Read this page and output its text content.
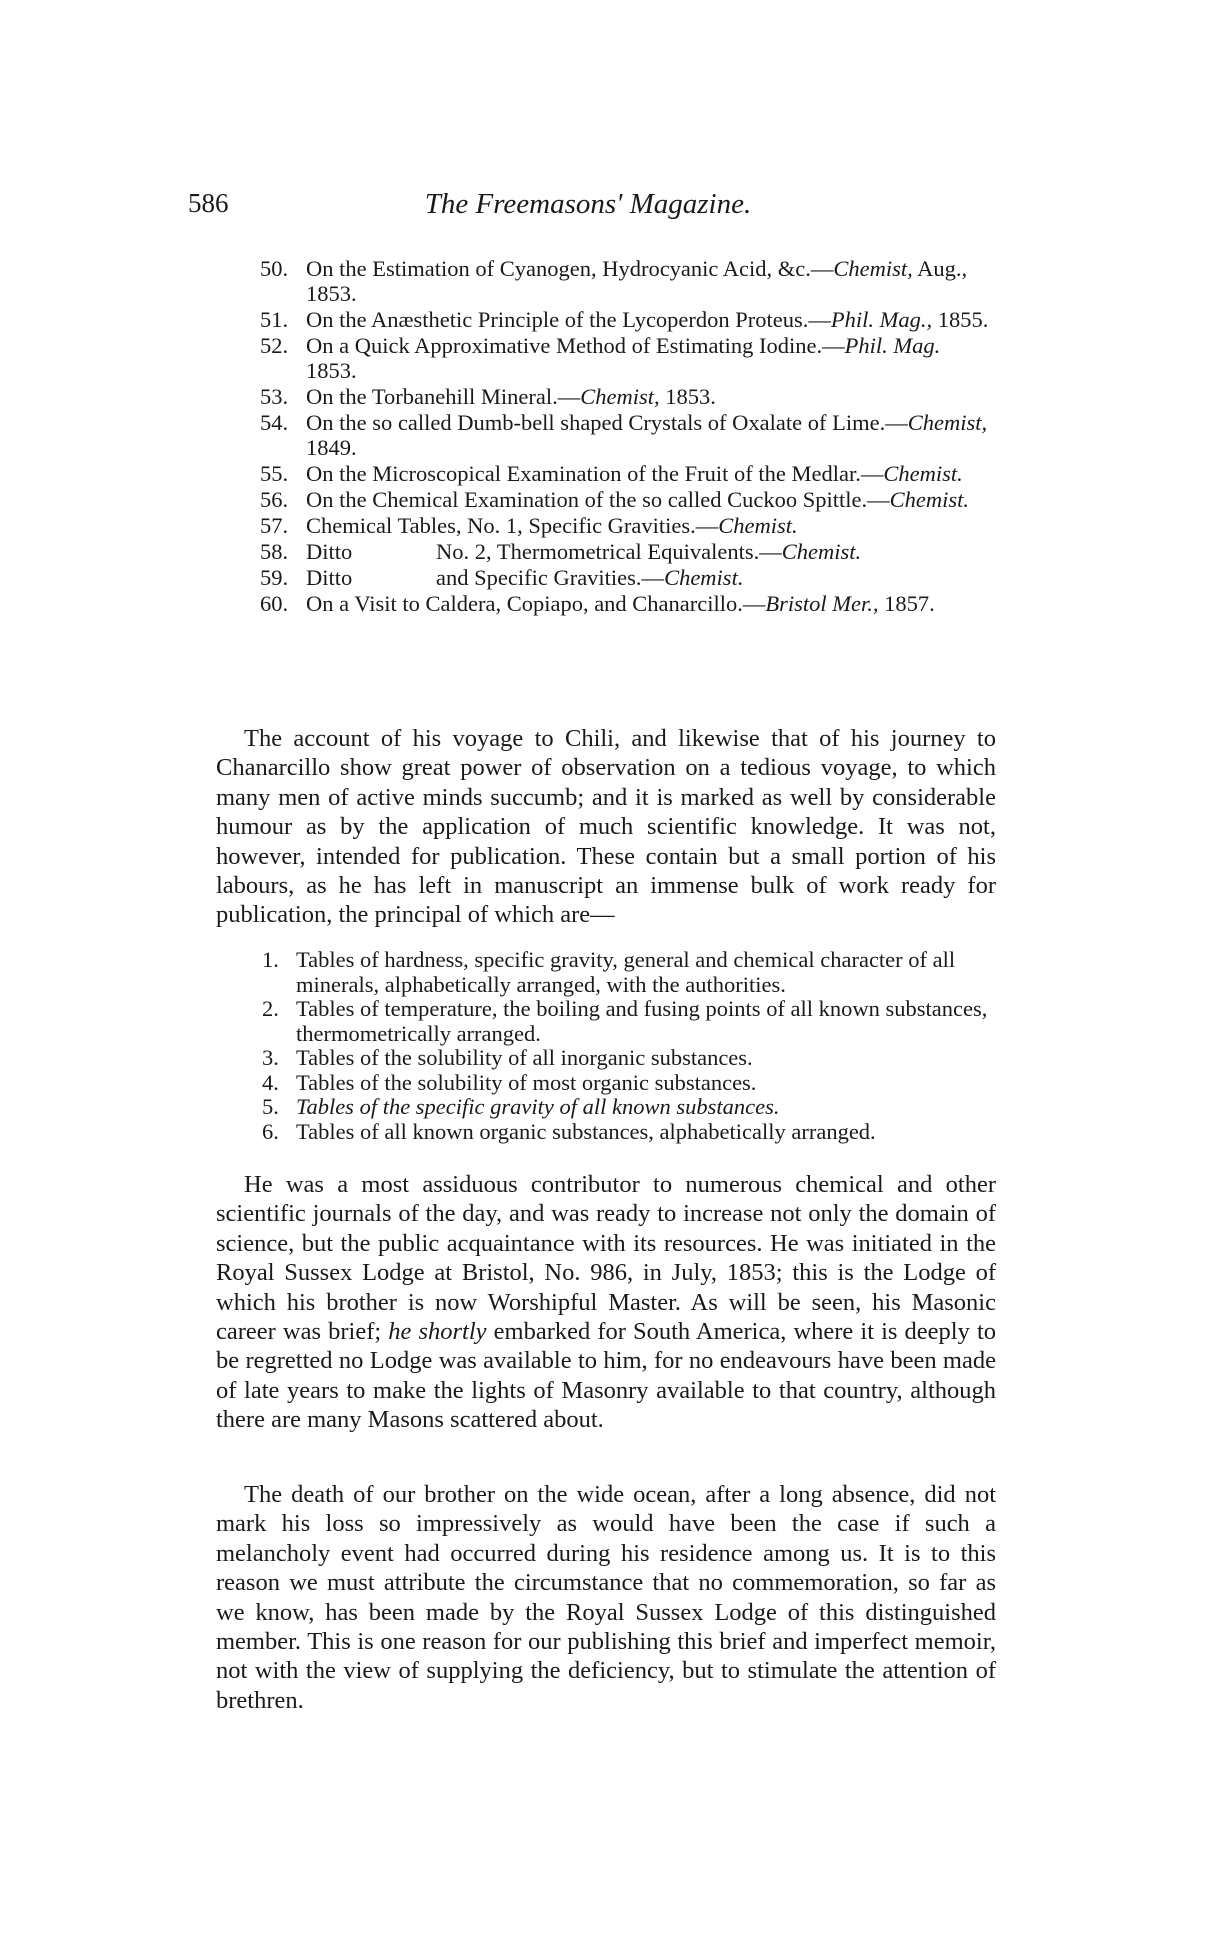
586	The Freemasons' Magazine.
50. On the Estimation of Cyanogen, Hydrocyanic Acid, &c.—Chemist, Aug., 1853.
51. On the Anæsthetic Principle of the Lycoperdon Proteus.—Phil. Mag., 1855.
52. On a Quick Approximative Method of Estimating Iodine.—Phil. Mag. 1853.
53. On the Torbanehill Mineral.—Chemist, 1853.
54. On the so called Dumb-bell shaped Crystals of Oxalate of Lime.—Chemist, 1849.
55. On the Microscopical Examination of the Fruit of the Medlar.—Chemist.
56. On the Chemical Examination of the so called Cuckoo Spittle.—Chemist.
57. Chemical Tables, No. 1, Specific Gravities.—Chemist.
58. Ditto	No. 2, Thermometrical Equivalents.—Chemist.
59. Ditto	and Specific Gravities.—Chemist.
60. On a Visit to Caldera, Copiapo, and Chanarcillo.—Bristol Mer., 1857.

The account of his voyage to Chili, and likewise that of his journey to Chanarcillo show great power of observation on a tedious voyage, to which many men of active minds succumb; and it is marked as well by considerable humour as by the application of much scientific knowledge. It was not, however, intended for publication. These contain but a small portion of his labours, as he has left in manuscript an immense bulk of work ready for publication, the principal of which are—

1. Tables of hardness, specific gravity, general and chemical character of all minerals, alphabetically arranged, with the authorities.
2. Tables of temperature, the boiling and fusing points of all known substances, thermometrically arranged.
3. Tables of the solubility of all inorganic substances.
4. Tables of the solubility of most organic substances.
5. Tables of the specific gravity of all known substances.
6. Tables of all known organic substances, alphabetically arranged.

He was a most assiduous contributor to numerous chemical and other scientific journals of the day, and was ready to increase not only the domain of science, but the public acquaintance with its resources. He was initiated in the Royal Sussex Lodge at Bristol, No. 986, in July, 1853; this is the Lodge of which his brother is now Worshipful Master. As will be seen, his Masonic career was brief; he shortly embarked for South America, where it is deeply to be regretted no Lodge was available to him, for no endeavours have been made of late years to make the lights of Masonry available to that country, although there are many Masons scattered about.

The death of our brother on the wide ocean, after a long absence, did not mark his loss so impressively as would have been the case if such a melancholy event had occurred during his residence among us. It is to this reason we must attribute the circumstance that no commemoration, so far as we know, has been made by the Royal Sussex Lodge of this distinguished member. This is one reason for our publishing this brief and imperfect memoir, not with the view of supplying the deficiency, but to stimulate the attention of brethren.
